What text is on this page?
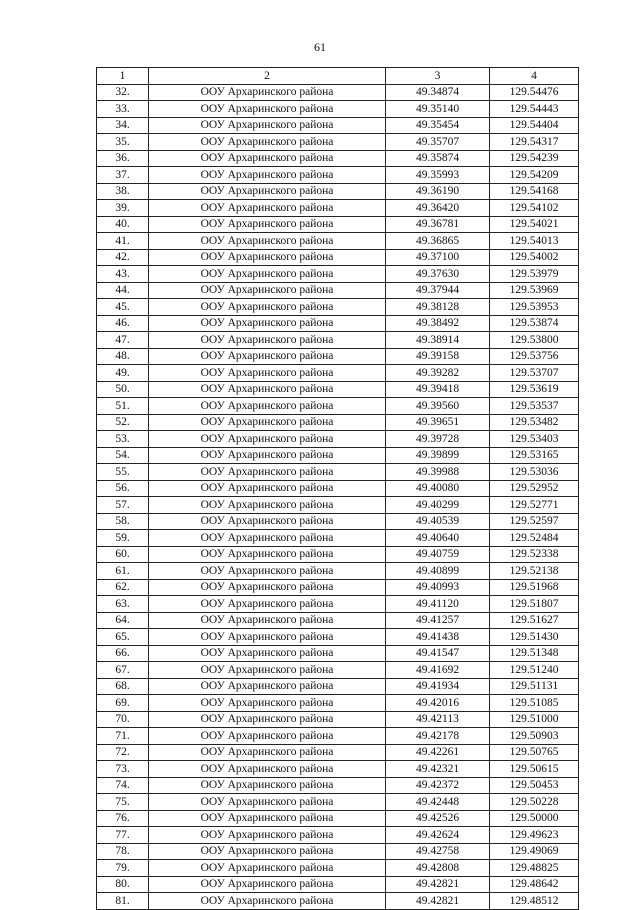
61
1	2	3	4
32.	ООУ Архаринского района	49.34874	129.54476
33.	ООУ Архаринского района	49.35140	129.54443
34.	ООУ Архаринского района	49.35454	129.54404
35.	ООУ Архаринского района	49.35707	129.54317
36.	ООУ Архаринского района	49.35874	129.54239
37.	ООУ Архаринского района	49.35993	129.54209
38.	ООУ Архаринского района	49.36190	129.54168
39.	ООУ Архаринского района	49.36420	129.54102
40.	ООУ Архаринского района	49.36781	129.54021
41.	ООУ Архаринского района	49.36865	129.54013
42.	ООУ Архаринского района	49.37100	129.54002
43.	ООУ Архаринского района	49.37630	129.53979
44.	ООУ Архаринского района	49.37944	129.53969
45.	ООУ Архаринского района	49.38128	129.53953
46.	ООУ Архаринского района	49.38492	129.53874
47.	ООУ Архаринского района	49.38914	129.53800
48.	ООУ Архаринского района	49.39158	129.53756
49.	ООУ Архаринского района	49.39282	129.53707
50.	ООУ Архаринского района	49.39418	129.53619
51.	ООУ Архаринского района	49.39560	129.53537
52.	ООУ Архаринского района	49.39651	129.53482
53.	ООУ Архаринского района	49.39728	129.53403
54.	ООУ Архаринского района	49.39899	129.53165
55.	ООУ Архаринского района	49.39988	129.53036
56.	ООУ Архаринского района	49.40080	129.52952
57.	ООУ Архаринского района	49.40299	129.52771
58.	ООУ Архаринского района	49.40539	129.52597
59.	ООУ Архаринского района	49.40640	129.52484
60.	ООУ Архаринского района	49.40759	129.52338
61.	ООУ Архаринского района	49.40899	129.52138
62.	ООУ Архаринского района	49.40993	129.51968
63.	ООУ Архаринского района	49.41120	129.51807
64.	ООУ Архаринского района	49.41257	129.51627
65.	ООУ Архаринского района	49.41438	129.51430
66.	ООУ Архаринского района	49.41547	129.51348
67.	ООУ Архаринского района	49.41692	129.51240
68.	ООУ Архаринского района	49.41934	129.51131
69.	ООУ Архаринского района	49.42016	129.51085
70.	ООУ Архаринского района	49.42113	129.51000
71.	ООУ Архаринского района	49.42178	129.50903
72.	ООУ Архаринского района	49.42261	129.50765
73.	ООУ Архаринского района	49.42321	129.50615
74.	ООУ Архаринского района	49.42372	129.50453
75.	ООУ Архаринского района	49.42448	129.50228
76.	ООУ Архаринского района	49.42526	129.50000
77.	ООУ Архаринского района	49.42624	129.49623
78.	ООУ Архаринского района	49.42758	129.49069
79.	ООУ Архаринского района	49.42808	129.48825
80.	ООУ Архаринского района	49.42821	129.48642
81.	ООУ Архаринского района	49.42821	129.48512
